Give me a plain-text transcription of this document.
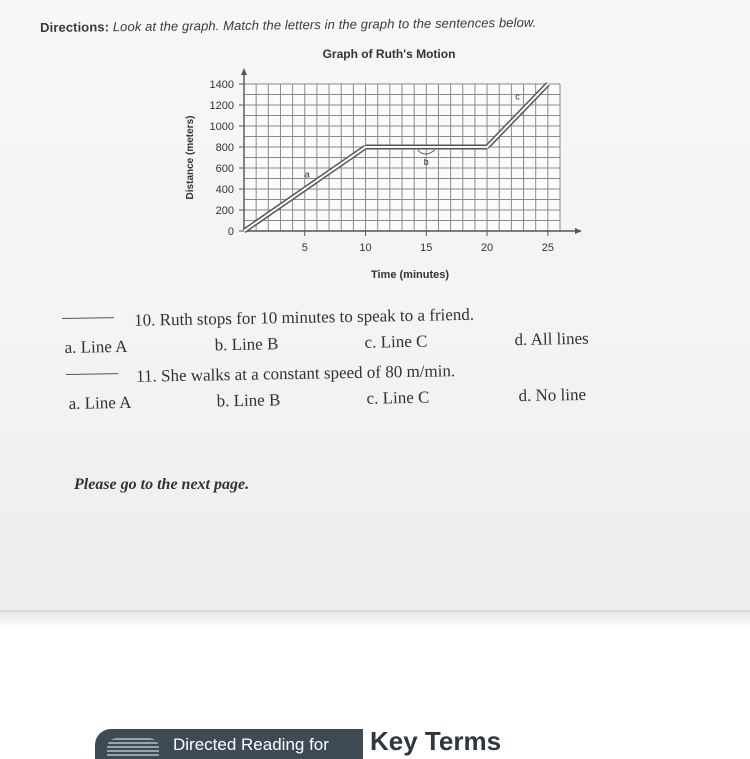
Directions: Look at the graph. Match the letters in the graph to the sentences below.
Graph of Ruth's Motion
0
200
400
600
800
1000
1200
1400
5	10	15	20	25
Time (minutes)
Distance (meters)	a
b
c
10. Ruth stops for 10 minutes to speak to a friend.
a. Line A	b. Line B	c. Line C	d. All lines
11. She walks at a constant speed of 80 m/min.
a. Line A	b. Line B	c. Line C	d. No line
Please go to the next page.
Directed Reading for Key Terms
